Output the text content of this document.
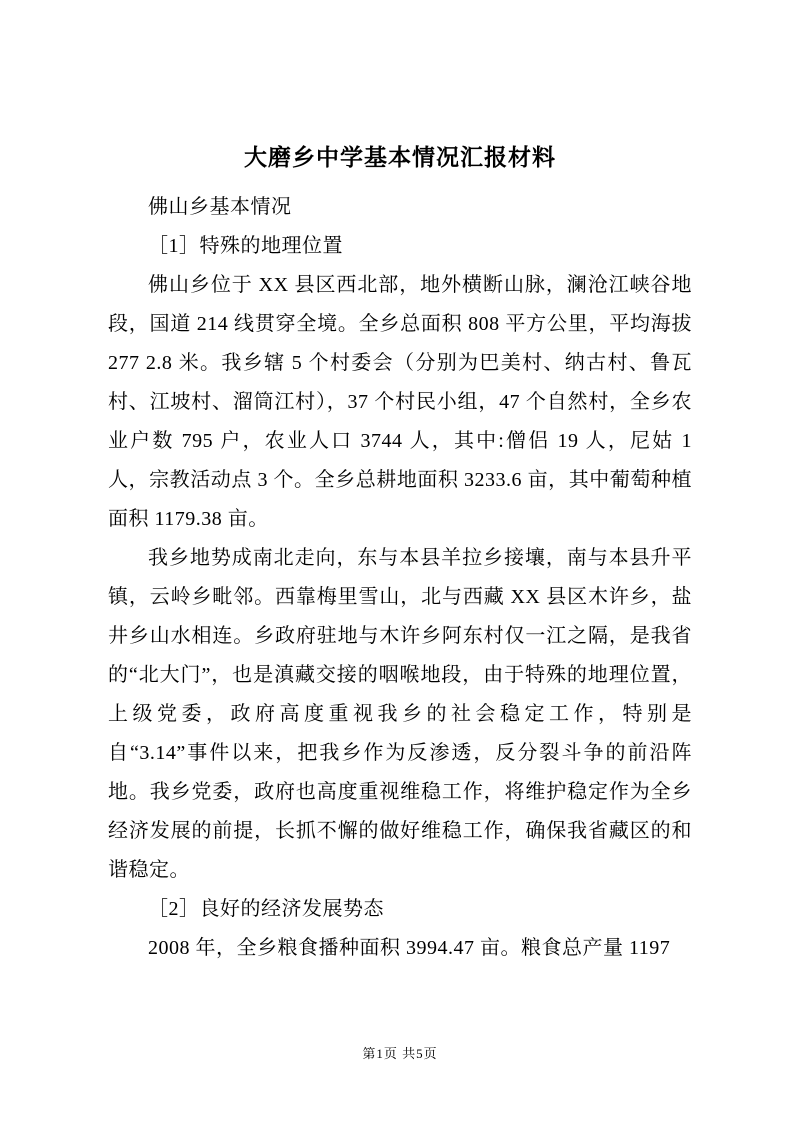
大磨乡中学基本情况汇报材料

佛山乡基本情况

［1］特殊的地理位置

佛山乡位于 XX 县区西北部，地外横断山脉，澜沧江峡谷地段，国道 214 线贯穿全境。全乡总面积 808 平方公里，平均海拔 277 2.8 米。我乡辖 5 个村委会（分别为巴美村、纳古村、鲁瓦村、江坡村、溜筒江村），37 个村民小组，47 个自然村，全乡农业户数 795 户，农业人口 3744 人，其中:僧侣 19 人，尼姑 1 人，宗教活动点 3 个。全乡总耕地面积 3233.6 亩，其中葡萄种植面积 1179.38 亩。

我乡地势成南北走向，东与本县羊拉乡接壤，南与本县升平镇，云岭乡毗邻。西靠梅里雪山，北与西藏 XX 县区木许乡，盐井乡山水相连。乡政府驻地与木许乡阿东村仅一江之隔，是我省的“北大门”，也是滇藏交接的咽喉地段，由于特殊的地理位置，上级党委，政府高度重视我乡的社会稳定工作，特别是自“3.14”事件以来，把我乡作为反渗透，反分裂斗争的前沿阵地。我乡党委，政府也高度重视维稳工作，将维护稳定作为全乡经济发展的前提，长抓不懈的做好维稳工作，确保我省藏区的和谐稳定。

［2］良好的经济发展势态

2008 年，全乡粮食播种面积 3994.47 亩。粮食总产量 1197

第1页 共5页
